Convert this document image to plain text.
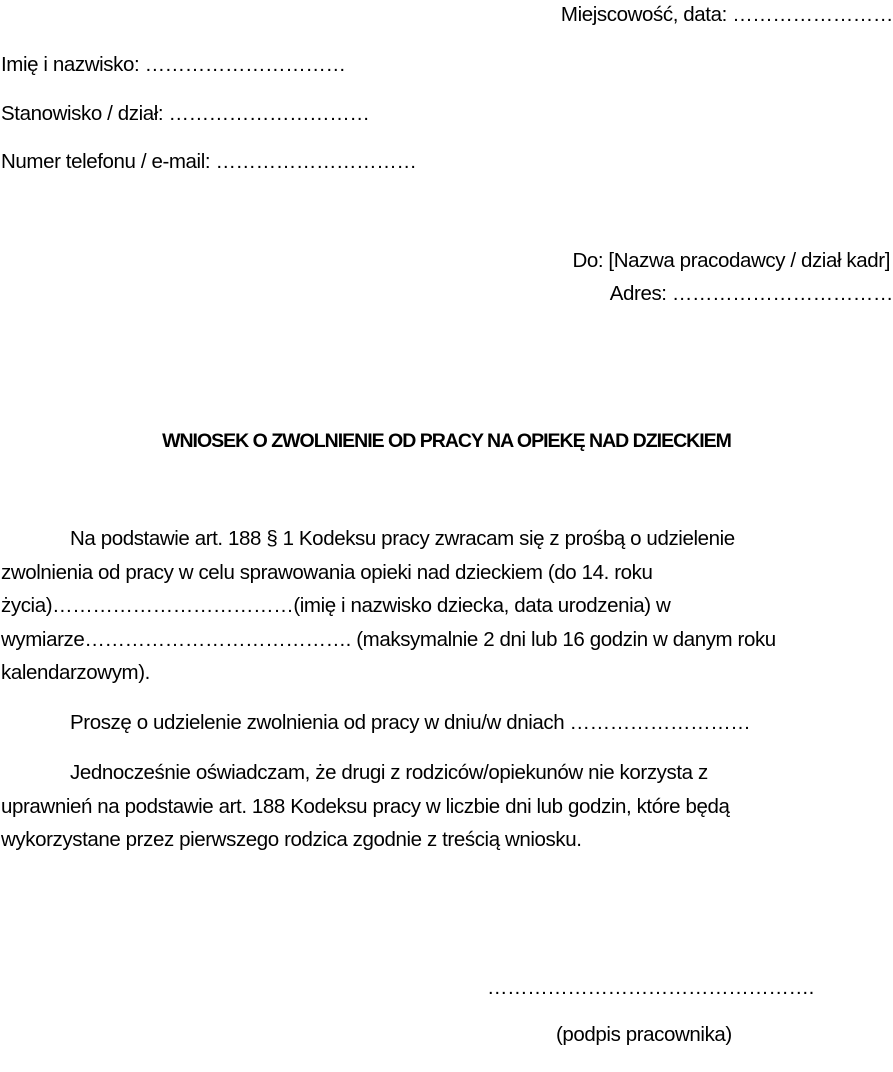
Miejscowość, data: ……………………
Imię i nazwisko: …………………………
Stanowisko / dział: …………………………
Numer telefonu / e-mail: …………………………
Do: [Nazwa pracodawcy / dział kadr]
Adres: ……………………………
WNIOSEK O ZWOLNIENIE OD PRACY NA OPIEKĘ NAD DZIECKIEM
Na podstawie art. 188 § 1 Kodeksu pracy zwracam się z prośbą o udzielenie
zwolnienia od pracy w celu sprawowania opieki nad dzieckiem (do 14. roku
życia)………………………………(imię i nazwisko dziecka, data urodzenia) w
wymiarze…………………………………. (maksymalnie 2 dni lub 16 godzin w danym roku
kalendarzowym).
Proszę o udzielenie zwolnienia od pracy w dniu/w dniach ………………………
Jednocześnie oświadczam, że drugi z rodziców/opiekunów nie korzysta z
uprawnień na podstawie art. 188 Kodeksu pracy w liczbie dni lub godzin, które będą
wykorzystane przez pierwszego rodzica zgodnie z treścią wniosku.
………………………………………….
(podpis pracownika)
